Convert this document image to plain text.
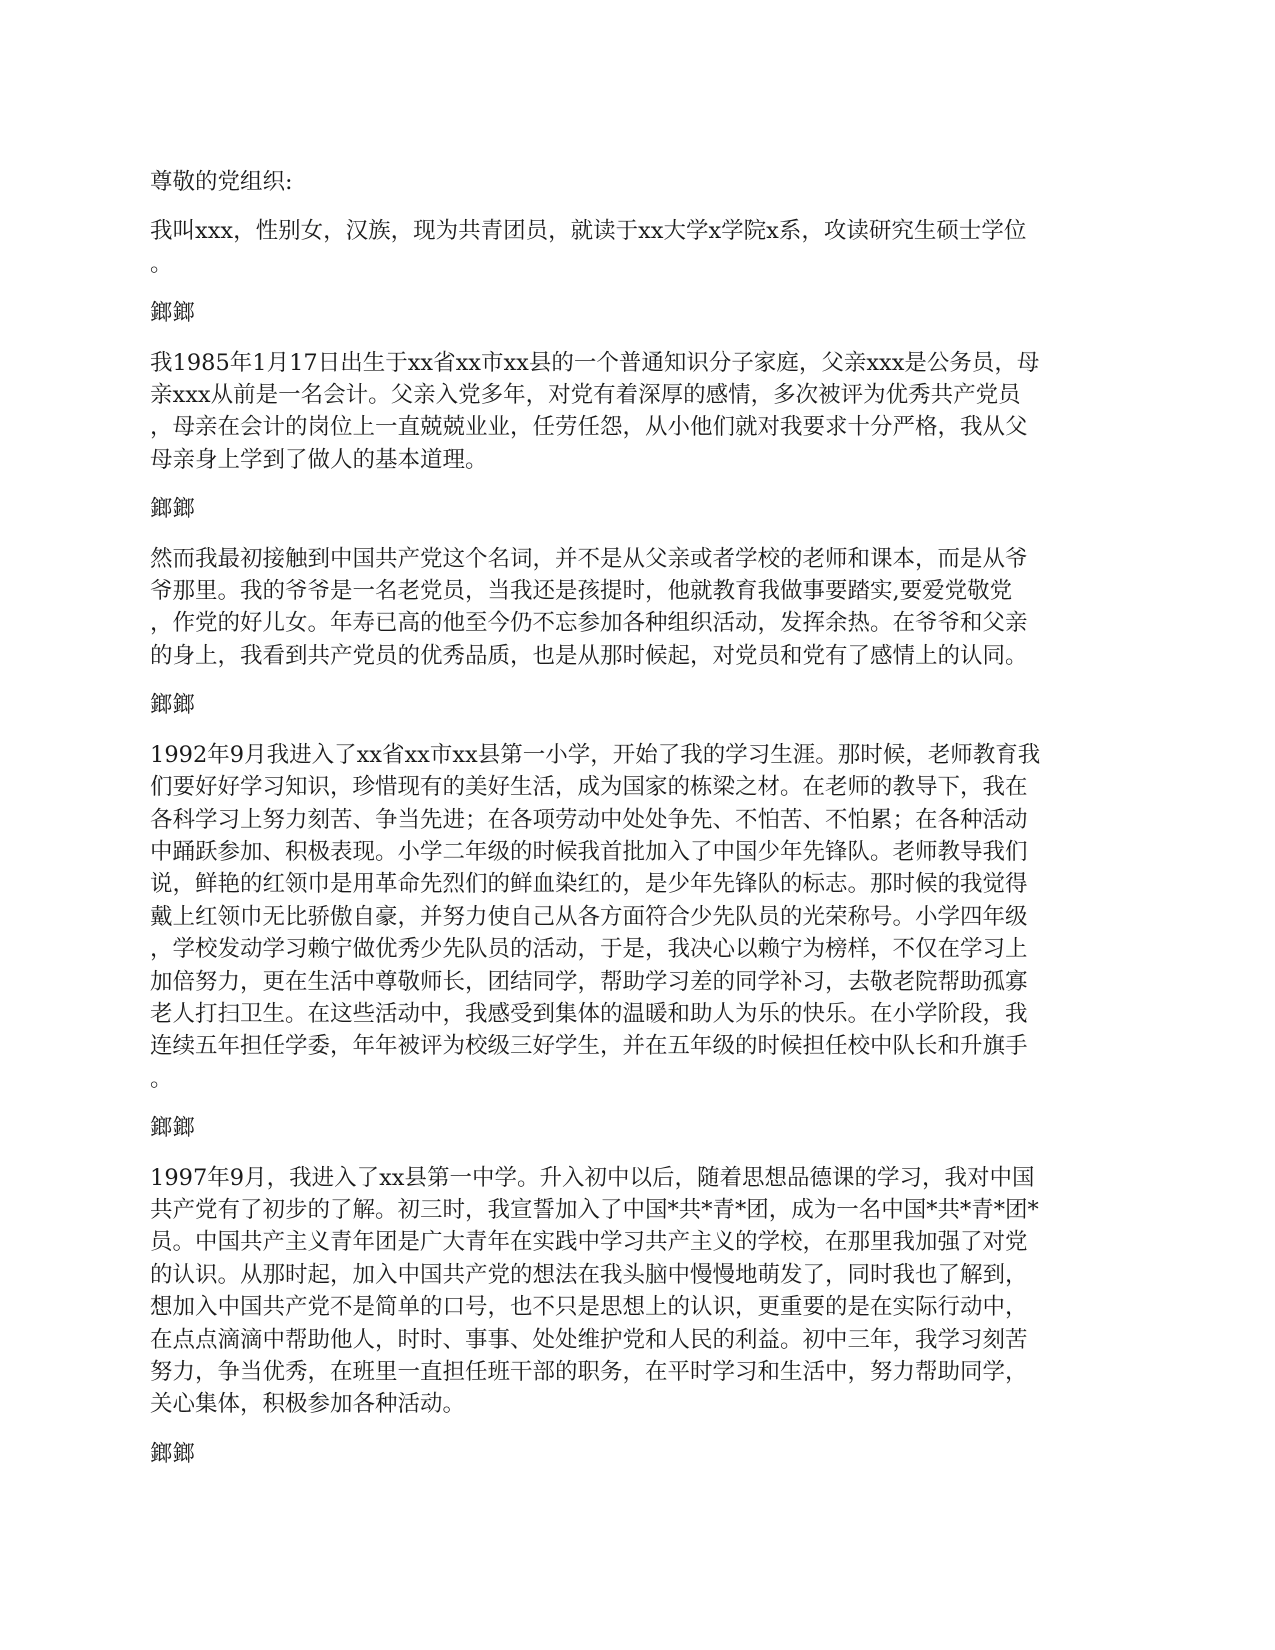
尊敬的党组织:

我叫xxx，性别女，汉族，现为共青团员，就读于xx大学x学院x系，攻读研究生硕士学位
。

鎯鎯

我1985年1月17日出生于xx省xx市xx县的一个普通知识分子家庭，父亲xxx是公务员，母
亲xxx从前是一名会计。父亲入党多年，对党有着深厚的感情，多次被评为优秀共产党员
，母亲在会计的岗位上一直兢兢业业，任劳任怨，从小他们就对我要求十分严格，我从父
母亲身上学到了做人的基本道理。

鎯鎯

然而我最初接触到中国共产党这个名词，并不是从父亲或者学校的老师和课本，而是从爷
爷那里。我的爷爷是一名老党员，当我还是孩提时，他就教育我做事要踏实,要爱党敬党
，作党的好儿女。年寿已高的他至今仍不忘参加各种组织活动，发挥余热。在爷爷和父亲
的身上，我看到共产党员的优秀品质，也是从那时候起，对党员和党有了感情上的认同。

鎯鎯

1992年9月我进入了xx省xx市xx县第一小学，开始了我的学习生涯。那时候，老师教育我
们要好好学习知识，珍惜现有的美好生活，成为国家的栋梁之材。在老师的教导下，我在
各科学习上努力刻苦、争当先进；在各项劳动中处处争先、不怕苦、不怕累；在各种活动
中踊跃参加、积极表现。小学二年级的时候我首批加入了中国少年先锋队。老师教导我们
说，鲜艳的红领巾是用革命先烈们的鲜血染红的，是少年先锋队的标志。那时候的我觉得
戴上红领巾无比骄傲自豪，并努力使自己从各方面符合少先队员的光荣称号。小学四年级
，学校发动学习赖宁做优秀少先队员的活动，于是，我决心以赖宁为榜样，不仅在学习上
加倍努力，更在生活中尊敬师长，团结同学，帮助学习差的同学补习，去敬老院帮助孤寡
老人打扫卫生。在这些活动中，我感受到集体的温暖和助人为乐的快乐。在小学阶段，我
连续五年担任学委，年年被评为校级三好学生，并在五年级的时候担任校中队长和升旗手
。

鎯鎯

1997年9月，我进入了xx县第一中学。升入初中以后，随着思想品德课的学习，我对中国
共产党有了初步的了解。初三时，我宣誓加入了中国*共*青*团，成为一名中国*共*青*团*
员。中国共产主义青年团是广大青年在实践中学习共产主义的学校，在那里我加强了对党
的认识。从那时起，加入中国共产党的想法在我头脑中慢慢地萌发了，同时我也了解到，
想加入中国共产党不是简单的口号，也不只是思想上的认识，更重要的是在实际行动中，
在点点滴滴中帮助他人，时时、事事、处处维护党和人民的利益。初中三年，我学习刻苦
努力，争当优秀，在班里一直担任班干部的职务，在平时学习和生活中，努力帮助同学，
关心集体，积极参加各种活动。

鎯鎯
